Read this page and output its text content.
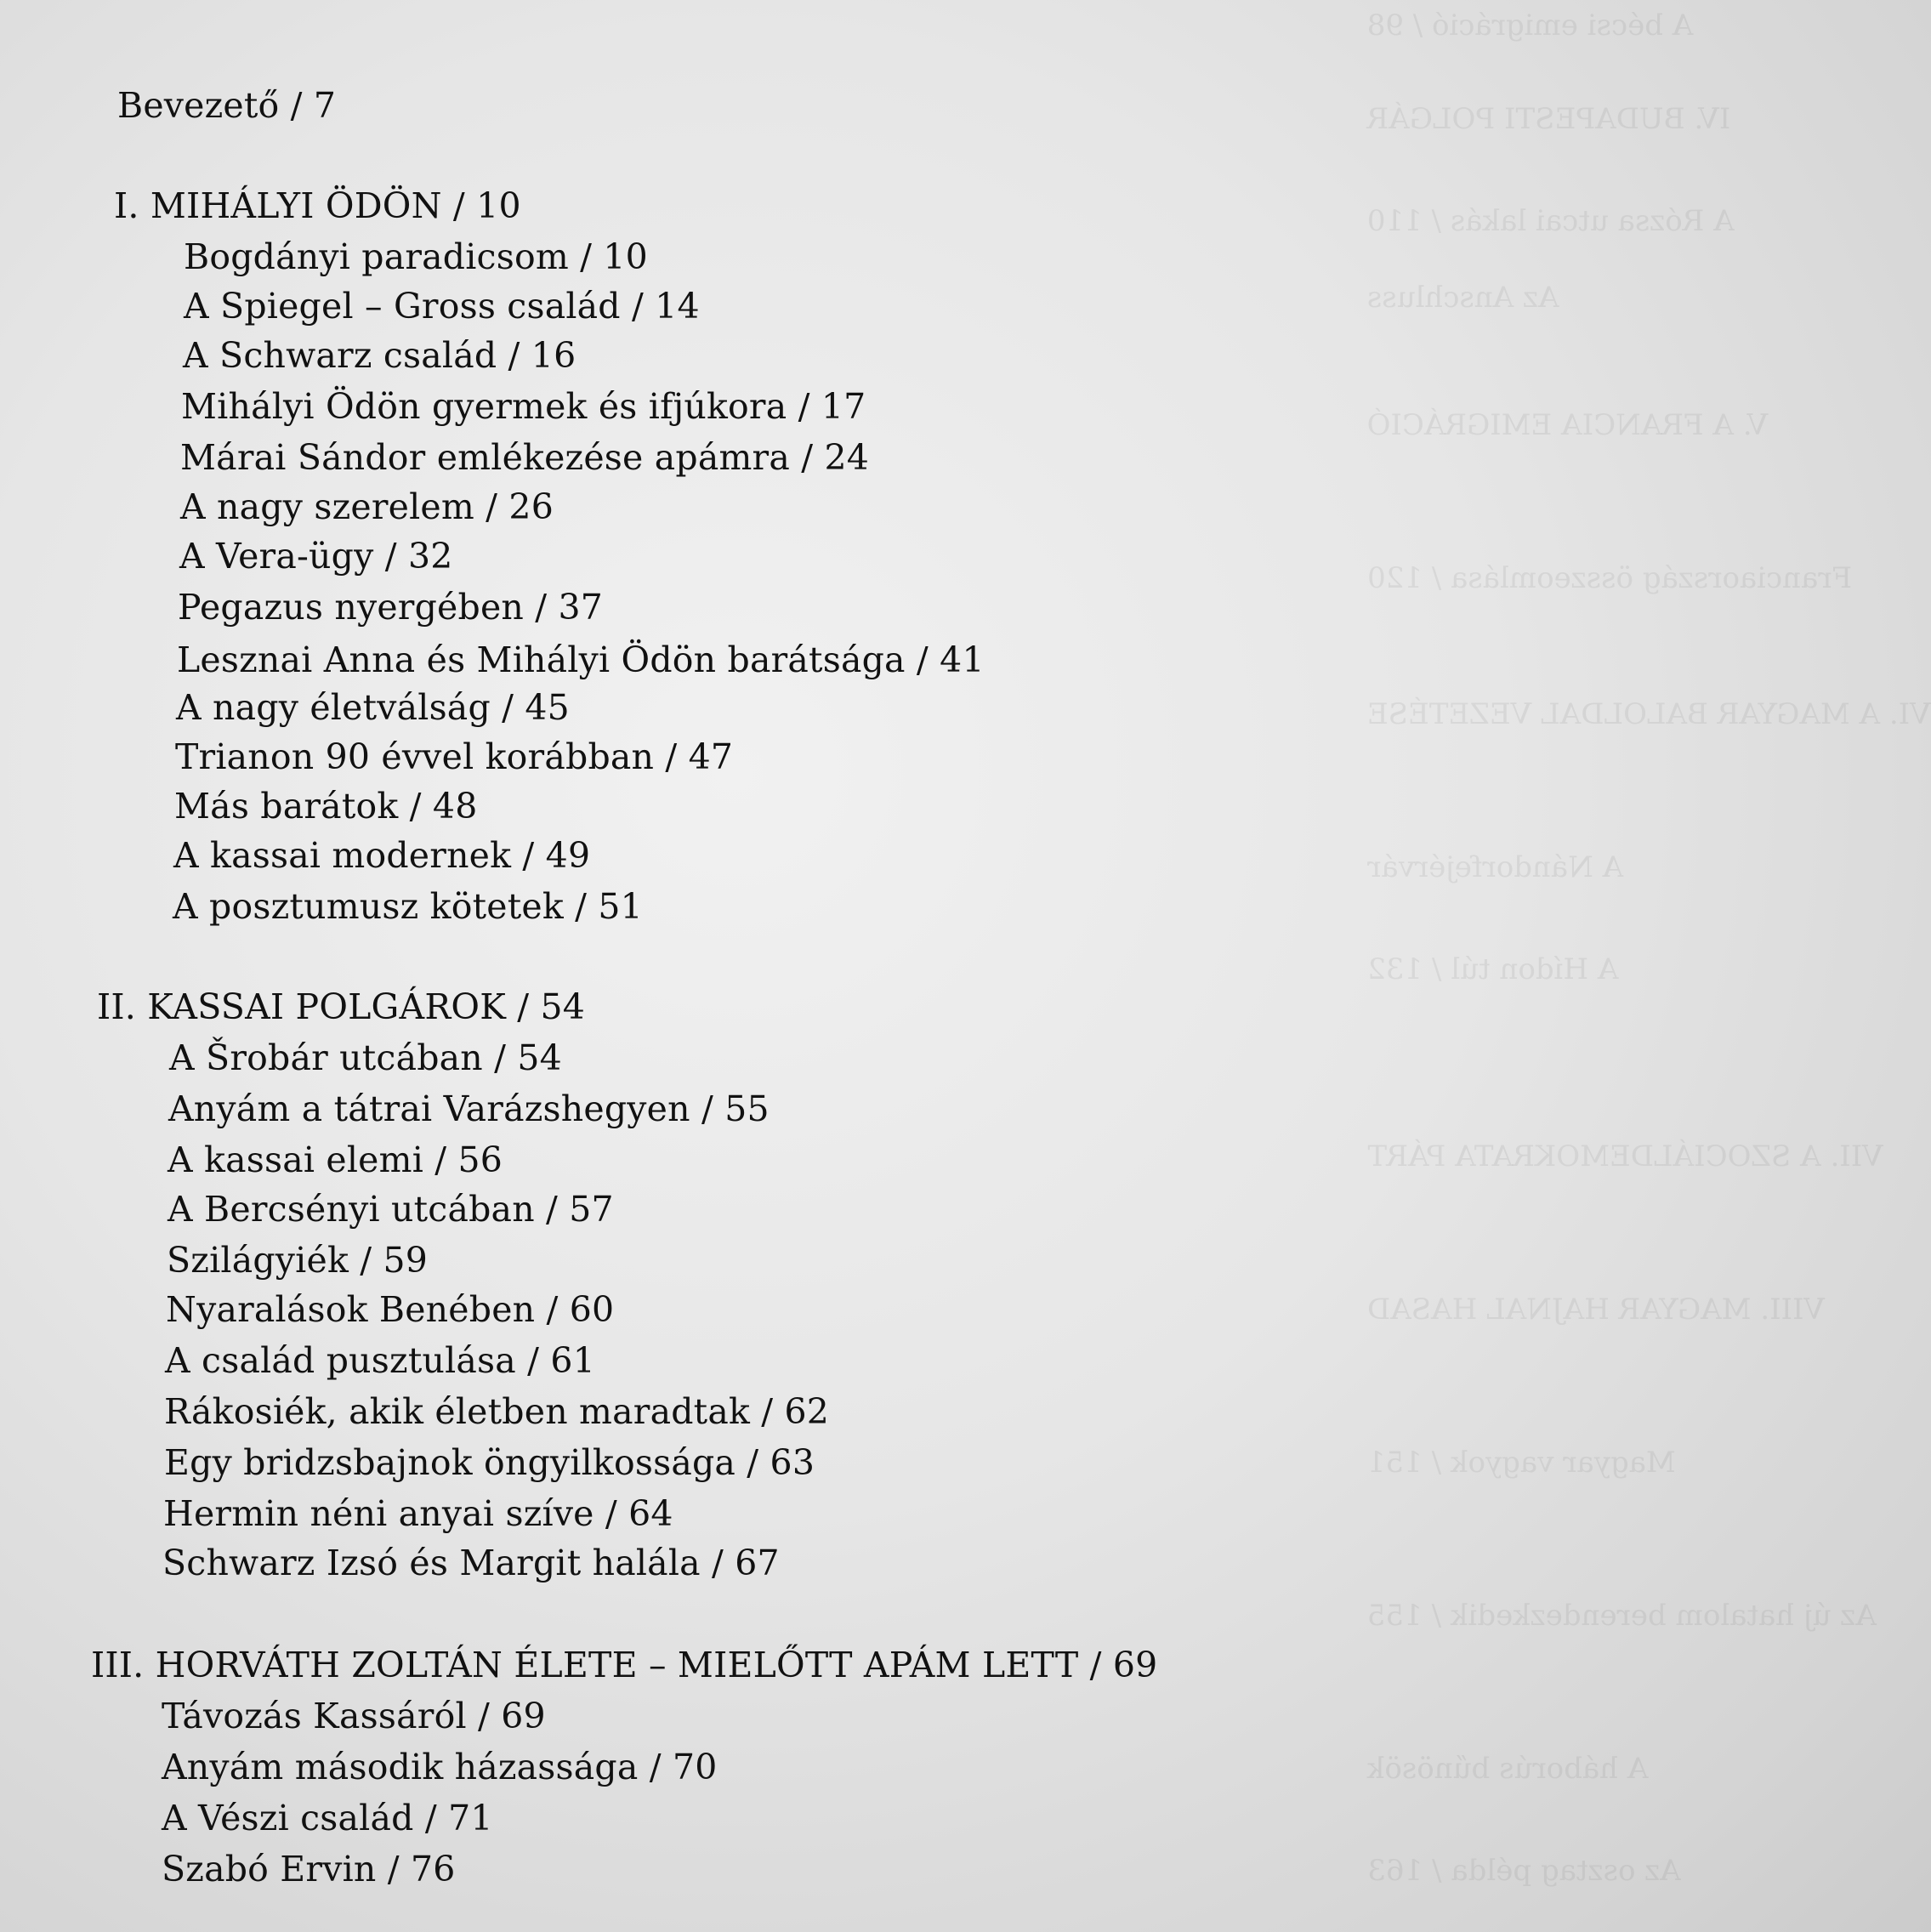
A bécsi emigráció / 98
IV. BUDAPESTI POLGÁR
A Rózsa utcai lakás / 110
Az Anschluss
V. A FRANCIA EMIGRÁCIÓ
Franciaország összeomlása / 120
VI. A MAGYAR BALOLDAL VEZETÉSE
A Nándorfejérvár
A Hídon túl / 132
VII. A SZOCIÁLDEMOKRATA PÁRT
VIII. MAGYAR HAJNAL HASAD
Magyar vagyok / 151
Az új hatalom berendezkedik / 155
A háborús bűnösök
Az osztag példa / 163
Bevezető / 7
I. MIHÁLYI ÖDÖN / 10
Bogdányi paradicsom / 10
A Spiegel – Gross család / 14
A Schwarz család / 16
Mihályi Ödön gyermek és ifjúkora / 17
Márai Sándor emlékezése apámra / 24
A nagy szerelem / 26
A Vera-ügy / 32
Pegazus nyergében / 37
Lesznai Anna és Mihályi Ödön barátsága / 41
A nagy életválság / 45
Trianon 90 évvel korábban / 47
Más barátok / 48
A kassai modernek / 49
A posztumusz kötetek / 51
II. KASSAI POLGÁROK / 54
A Šrobár utcában / 54
Anyám a tátrai Varázshegyen / 55
A kassai elemi / 56
A Bercsényi utcában / 57
Szilágyiék / 59
Nyaralások Benében / 60
A család pusztulása / 61
Rákosiék, akik életben maradtak / 62
Egy bridzsbajnok öngyilkossága / 63
Hermin néni anyai szíve / 64
Schwarz Izsó és Margit halála / 67
III. HORVÁTH ZOLTÁN ÉLETE – MIELŐTT APÁM LETT / 69
Távozás Kassáról / 69
Anyám második házassága / 70
A Vészi család / 71
Szabó Ervin / 76
